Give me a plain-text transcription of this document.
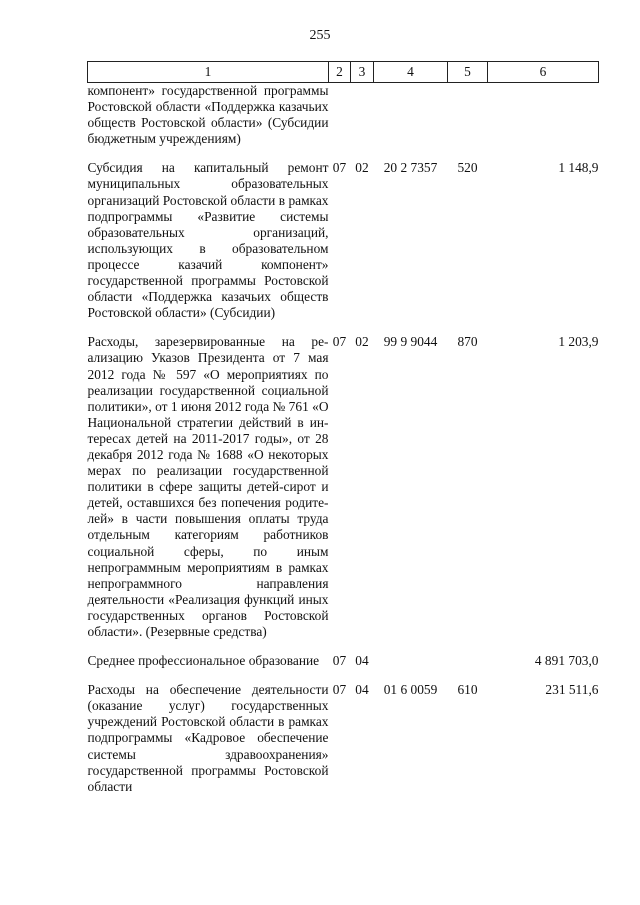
255
1	2	3	4	5	6
компонент» государственной программы Ростовской области «Поддержка казачьих обществ Ростовской области» (Субсидии бюджетным учреждениям)					

Субсидия на капитальный ремонт муниципальных образовательных организаций Ростовской области в рамках подпрограммы «Развитие системы образовательных организаций, использующих в образовательном процессе казачий компонент» государственной программы Ростовской области «Поддержка казачьих обществ Ростовской области» (Субсидии)	07	02	20 2 7357	520	1 148,9

Расходы, зарезервированные на реализацию Указов Президента от 7 мая 2012 года № 597 «О мероприятиях по реализации государственной социальной политики», от 1 июня 2012 года № 761 «О Национальной стратегии действий в интересах детей на 2011-2017 годы», от 28 декабря 2012 года № 1688 «О некоторых мерах по реализации государственной политики в сфере защиты детей-сирот и детей, оставшихся без попечения родителей» в части повышения оплаты труда отдельным категориям работников социальной сферы, по иным непрограммным мероприятиям в рамках непрограммного направления деятельности «Реализация функций иных государственных органов Ростовской области». (Резервные средства)	07	02	99 9 9044	870	1 203,9

Среднее профессиональное образование	07	04			4 891 703,0

Расходы на обеспечение деятельности (оказание услуг) государственных учреждений Ростовской области в рамках подпрограммы «Кадровое обеспечение системы здравоохранения» государственной программы Ростовской области	07	04	01 6 0059	610	231 511,6
